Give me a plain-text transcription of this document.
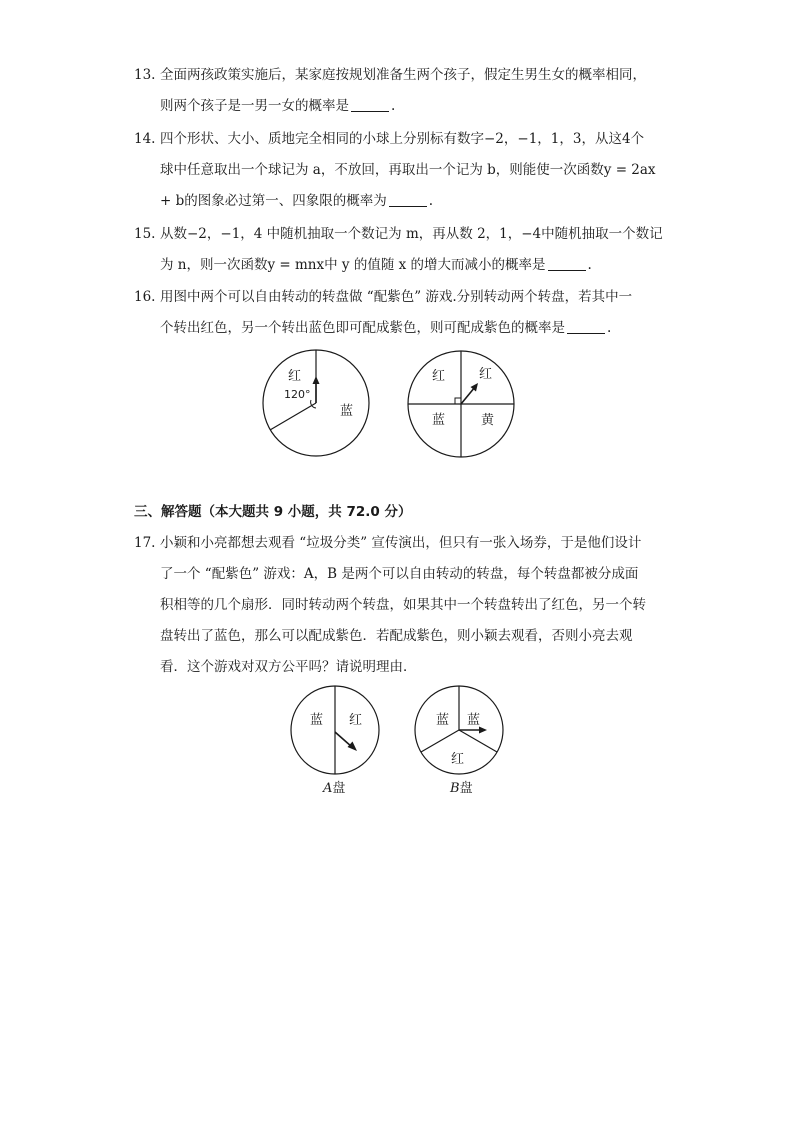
13. 全面两孩政策实施后，某家庭按规划准备生两个孩子，假定生男生女的概率相同，
则两个孩子是一男一女的概率是	.
14. 四个形状、大小、质地完全相同的小球上分别标有数字−2，−1，1，3，从这4个
球中任意取出一个球记为 a，不放回，再取出一个记为 b，则能使一次函数y = 2ax
+ b的图象必过第一、四象限的概率为	.
15. 从数−2，−1，4 中随机抽取一个数记为 m，再从数 2，1，−4中随机抽取一个数记
为 n，则一次函数y = mnx中 y 的值随 x 的增大而减小的概率是	.
16. 用图中两个可以自由转动的转盘做 “配紫色” 游戏.分别转动两个转盘，若其中一
个转出红色，另一个转出蓝色即可配成紫色，则可配成紫色的概率是	.
红
120°
蓝
红	红
蓝	黄
三、解答题（本大题共 9 小题，共 72.0 分）
17. 小颖和小亮都想去观看 “垃圾分类” 宣传演出，但只有一张入场券，于是他们设计
了一个 “配紫色” 游戏：A，B 是两个可以自由转动的转盘，每个转盘都被分成面
积相等的几个扇形．同时转动两个转盘，如果其中一个转盘转出了红色，另一个转
盘转出了蓝色，那么可以配成紫色．若配成紫色，则小颖去观看，否则小亮去观
看．这个游戏对双方公平吗？请说明理由．
蓝 红
A盘
蓝 蓝
红
B盘
